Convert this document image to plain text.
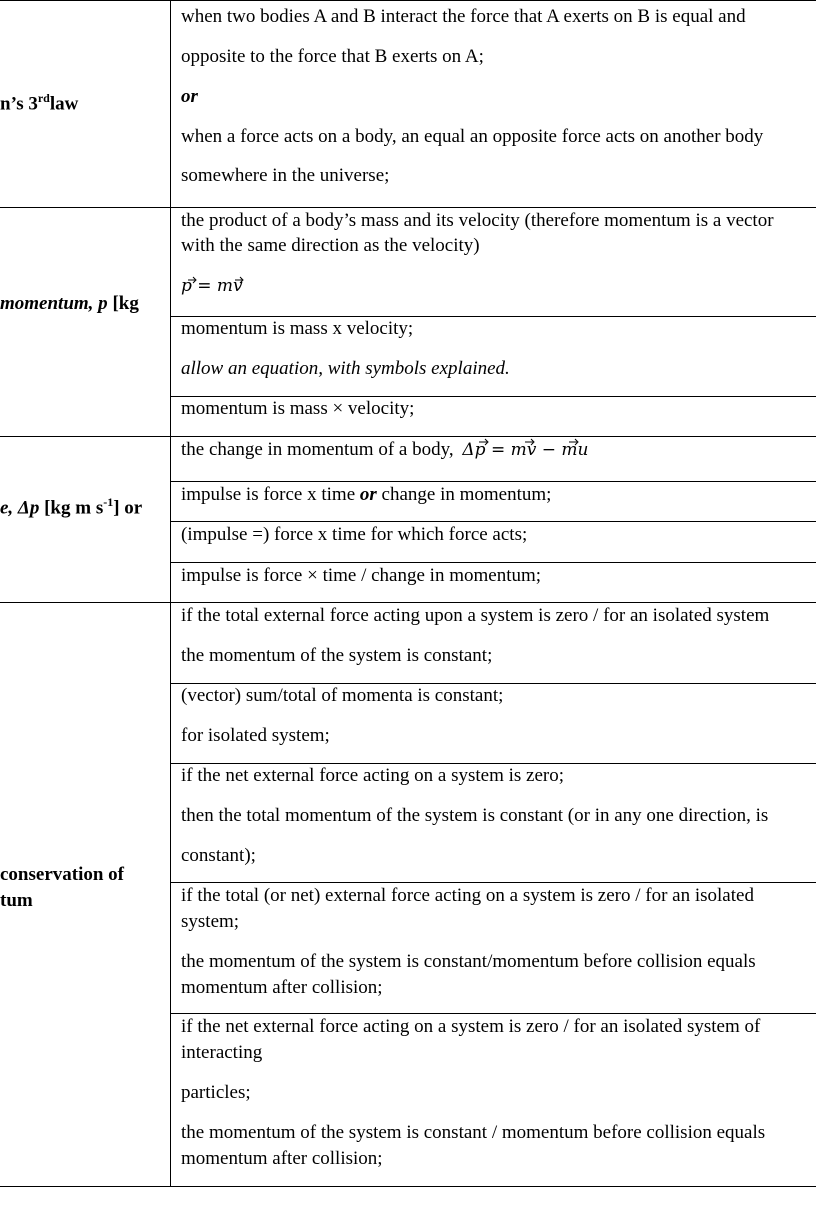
n’s 3rdlaw
when two bodies A and B interact the force that A exerts on B is equal and
opposite to the force that B exerts on A;
or
when a force acts on a body, an equal an opposite force acts on another body
somewhere in the universe;
momentum, p [kg
the product of a body’s mass and its velocity (therefore momentum is a vector
with the same direction as the velocity)
p = mv
momentum is mass x velocity;
allow an equation, with symbols explained.
momentum is mass × velocity;
e, Δp [kg m $s^{-1}$] or
the change in momentum of a body, Δp = mv − mu
impulse is force x time or change in momentum;
(impulse =) force x time for which force acts;
impulse is force × time / change in momentum;
conservation of
tum
if the total external force acting upon a system is zero / for an isolated system
the momentum of the system is constant;
(vector) sum/total of momenta is constant;
for isolated system;
if the net external force acting on a system is zero;
then the total momentum of the system is constant (or in any one direction, is
constant);
if the total (or net) external force acting on a system is zero / for an isolated
system;
the momentum of the system is constant/momentum before collision equals
momentum after collision;
if the net external force acting on a system is zero / for an isolated system of
interacting
particles;
the momentum of the system is constant / momentum before collision equals
momentum after collision;
